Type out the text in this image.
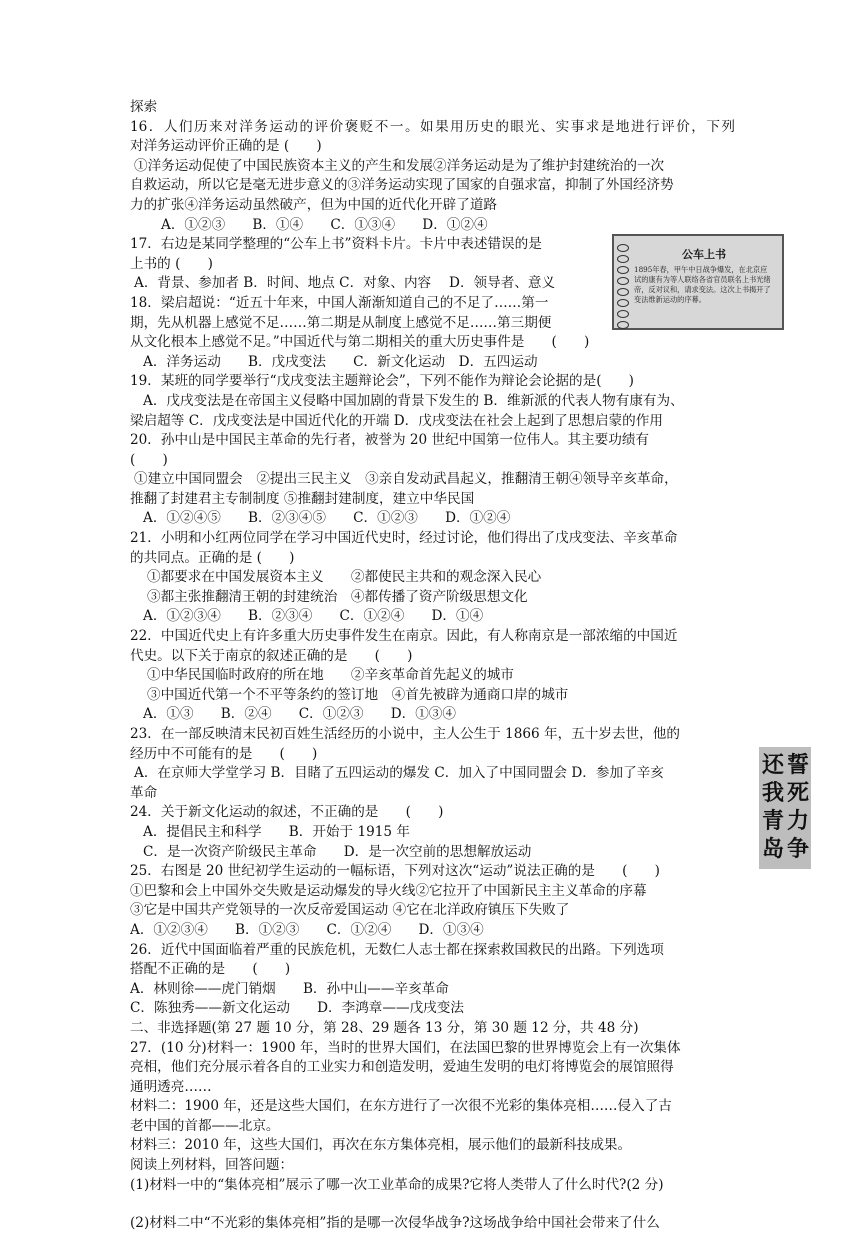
探索
16．人们历来对洋务运动的评价褒贬不一。如果用历史的眼光、实事求是地进行评价，下列
对洋务运动评价正确的是 (　　)
①洋务运动促使了中国民族资本主义的产生和发展②洋务运动是为了维护封建统治的一次
自救运动，所以它是毫无进步意义的③洋务运动实现了国家的自强求富，抑制了外国经济势
力的扩张④洋务运动虽然破产，但为中国的近代化开辟了道路
A．①②③　　B．①④　　C．①③④　　D．①②④
17．右边是某同学整理的“公车上书”资料卡片。卡片中表述错误的是
上书的 (　　)
A．背景、参加者 B．时间、地点 C．对象、内容　 D．领导者、意义
18．梁启超说：“近五十年来，中国人渐渐知道自己的不足了……第一
期，先从机器上感觉不足……第二期是从制度上感觉不足……第三期便
从文化根本上感觉不足。”中国近代与第二期相关的重大历史事件是　　(　　)
A．洋务运动　　B．戊戌变法　　C．新文化运动　D．五四运动
19．某班的同学要举行“戊戌变法主题辩论会”，下列不能作为辩论会论据的是(　　)
A．戊戌变法是在帝国主义侵略中国加剧的背景下发生的 B．维新派的代表人物有康有为、
梁启超等 C．戊戌变法是中国近代化的开端 D．戊戌变法在社会上起到了思想启蒙的作用
20．孙中山是中国民主革命的先行者，被誉为 20 世纪中国第一位伟人。其主要功绩有
(　　)
①建立中国同盟会　②提出三民主义　③亲自发动武昌起义，推翻清王朝④领导辛亥革命，
推翻了封建君主专制制度 ⑤推翻封建制度，建立中华民国
A．①②④⑤　　B．②③④⑤　　C．①②③　　D．①②④
21．小明和小红两位同学在学习中国近代史时，经过讨论，他们得出了戊戌变法、辛亥革命
的共同点。正确的是 (　　)
①都要求在中国发展资本主义　　②都使民主共和的观念深入民心
③都主张推翻清王朝的封建统治　④都传播了资产阶级思想文化
A．①②③④　　B．②③④　　C．①②④　　D．①④
22．中国近代史上有许多重大历史事件发生在南京。因此，有人称南京是一部浓缩的中国近
代史。以下关于南京的叙述正确的是　　(　　)
①中华民国临时政府的所在地　　②辛亥革命首先起义的城市
③中国近代第一个不平等条约的签订地　④首先被辟为通商口岸的城市
A．①③　　B．②④　　C．①②③　　D．①③④
23．在一部反映清末民初百姓生活经历的小说中，主人公生于 1866 年，五十岁去世，他的
经历中不可能有的是　　(　　)
A．在京师大学堂学习 B．目睹了五四运动的爆发 C．加入了中国同盟会 D．参加了辛亥
革命
24．关于新文化运动的叙述，不正确的是　　(　　)
A．提倡民主和科学　　B．开始于 1915 年
C．是一次资产阶级民主革命　　D．是一次空前的思想解放运动
25．右图是 20 世纪初学生运动的一幅标语，下列对这次“运动”说法正确的是　　(　　)
①巴黎和会上中国外交失败是运动爆发的导火线②它拉开了中国新民主主义革命的序幕
③它是中国共产党领导的一次反帝爱国运动 ④它在北洋政府镇压下失败了
A．①②③④　　B．①②③　　C．①②④　　D．①③④
26．近代中国面临着严重的民族危机，无数仁人志士都在探索救国救民的出路。下列选项
搭配不正确的是　　(　　)
A．林则徐——虎门销烟　　B．孙中山——辛亥革命
C．陈独秀——新文化运动　　D．李鸿章——戊戌变法
二、非选择题(第 27 题 10 分，第 28、29 题各 13 分，第 30 题 12 分，共 48 分)
27．(10 分)材料一：1900 年，当时的世界大国们，在法国巴黎的世界博览会上有一次集体
亮相，他们充分展示着各自的工业实力和创造发明，爱迪生发明的电灯将博览会的展馆照得
通明透亮……
材料二：1900 年，还是这些大国们，在东方进行了一次很不光彩的集体亮相……侵入了古
老中国的首都——北京。
材料三：2010 年，这些大国们，再次在东方集体亮相，展示他们的最新科技成果。
阅读上列材料，回答问题：
(1)材料一中的“集体亮相”展示了哪一次工业革命的成果?它将人类带人了什么时代?(2 分)
(2)材料二中“不光彩的集体亮相”指的是哪一次侵华战争?这场战争给中国社会带来了什么
公车上书
1895年春，甲午中日战争爆发，在北京应试的康有为等人联络各省官员联名上书光绪帝，反对议和，请求变法。这次上书揭开了变法维新运动的序幕。
还我青岛
誓死力争
